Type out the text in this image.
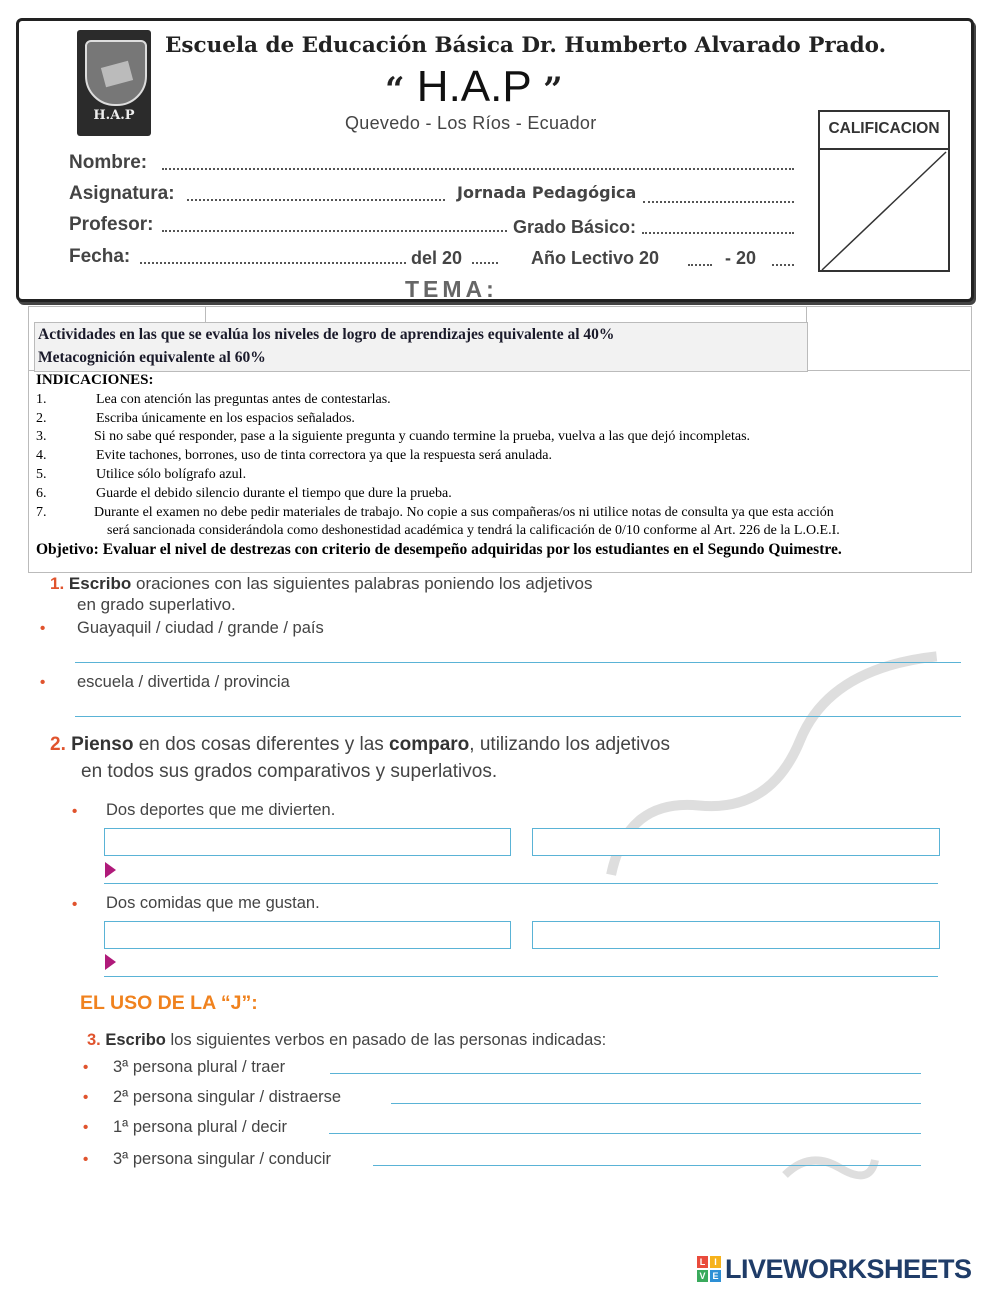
H.A.P
Escuela de Educación Básica Dr. Humberto Alvarado Prado.
“ H.A.P ”
Quevedo - Los Ríos - Ecuador
Nombre:
Asignatura:	Jornada Pedagógica
Profesor:	Grado Básico:
Fecha:	del 20	Año Lectivo 20	- 20
CALIFICACION
TEMA:
Actividades en las que se evalúa los niveles de logro de aprendizajes equivalente al 40%
Metacognición equivalente al 60%
INDICACIONES:
1.	Lea con atención las preguntas antes de contestarlas.
2.	Escriba únicamente en los espacios señalados.
3.	Si no sabe qué responder, pase a la siguiente pregunta y cuando termine la prueba, vuelva a las que dejó incompletas.
4.	Evite tachones, borrones, uso de tinta correctora ya que la respuesta será anulada.
5.	Utilice sólo bolígrafo azul.
6.	Guarde el debido silencio durante el tiempo que dure la prueba.
7.	Durante el examen no debe pedir materiales de trabajo. No copie a sus compañeras/os ni utilice notas de consulta ya que esta acción
será sancionada considerándola como deshonestidad académica y tendrá la calificación de 0/10 conforme al Art. 226 de la L.O.E.I.
Objetivo: Evaluar el nivel de destrezas con criterio de desempeño adquiridas por los estudiantes en el Segundo Quimestre.
1. Escribo oraciones con las siguientes palabras poniendo los adjetivos
en grado superlativo.
• Guayaquil / ciudad / grande / país
• escuela / divertida / provincia
2. Pienso en dos cosas diferentes y las comparo, utilizando los adjetivos
en todos sus grados comparativos y superlativos.
• Dos deportes que me divierten.
• Dos comidas que me gustan.
EL USO DE LA “J”:
3. Escribo los siguientes verbos en pasado de las personas indicadas:
• 3ª persona plural / traer
• 2ª persona singular / distraerse
• 1ª persona plural / decir
• 3ª persona singular / conducir
L I
V E LIVEWORKSHEETS
